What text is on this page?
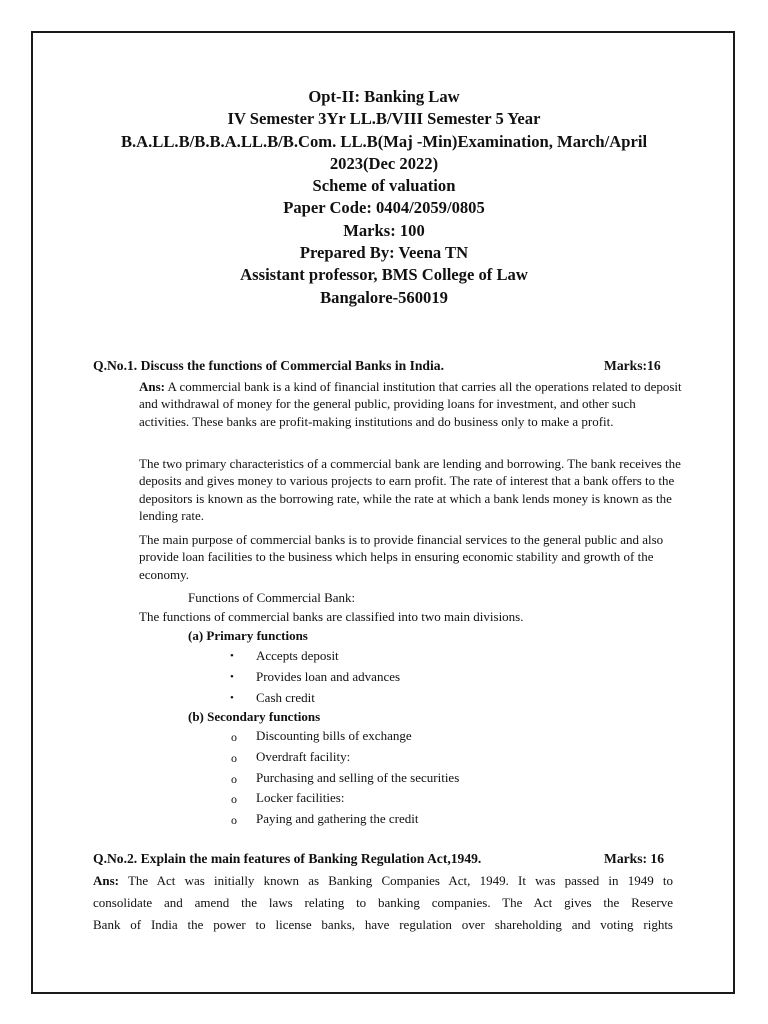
Opt-II: Banking Law
IV Semester 3Yr LL.B/VIII Semester 5 Year
B.A.LL.B/B.B.A.LL.B/B.Com. LL.B(Maj -Min)Examination, March/April
2023(Dec 2022)
Scheme of valuation
Paper Code: 0404/2059/0805
Marks: 100
Prepared By: Veena TN
Assistant professor, BMS College of Law
Bangalore-560019
Q.No.1. Discuss the functions of Commercial Banks in India.	Marks:16
Ans: A commercial bank is a kind of financial institution that carries all the operations related to deposit and withdrawal of money for the general public, providing loans for investment, and other such activities. These banks are profit-making institutions and do business only to make a profit.
The two primary characteristics of a commercial bank are lending and borrowing. The bank receives the deposits and gives money to various projects to earn profit. The rate of interest that a bank offers to the depositors is known as the borrowing rate, while the rate at which a bank lends money is known as the lending rate.
The main purpose of commercial banks is to provide financial services to the general public and also provide loan facilities to the business which helps in ensuring economic stability and growth of the economy.
Functions of Commercial Bank:
The functions of commercial banks are classified into two main divisions.
(a) Primary functions
• Accepts deposit
• Provides loan and advances
• Cash credit
(b) Secondary functions
o Discounting bills of exchange
o Overdraft facility:
o Purchasing and selling of the securities
o Locker facilities:
o Paying and gathering the credit
Q.No.2. Explain the main features of Banking Regulation Act,1949.	Marks: 16
Ans: The Act was initially known as Banking Companies Act, 1949. It was passed in 1949 to
consolidate and amend the laws relating to banking companies. The Act gives the Reserve
Bank of India the power to license banks, have regulation over shareholding and voting rights
